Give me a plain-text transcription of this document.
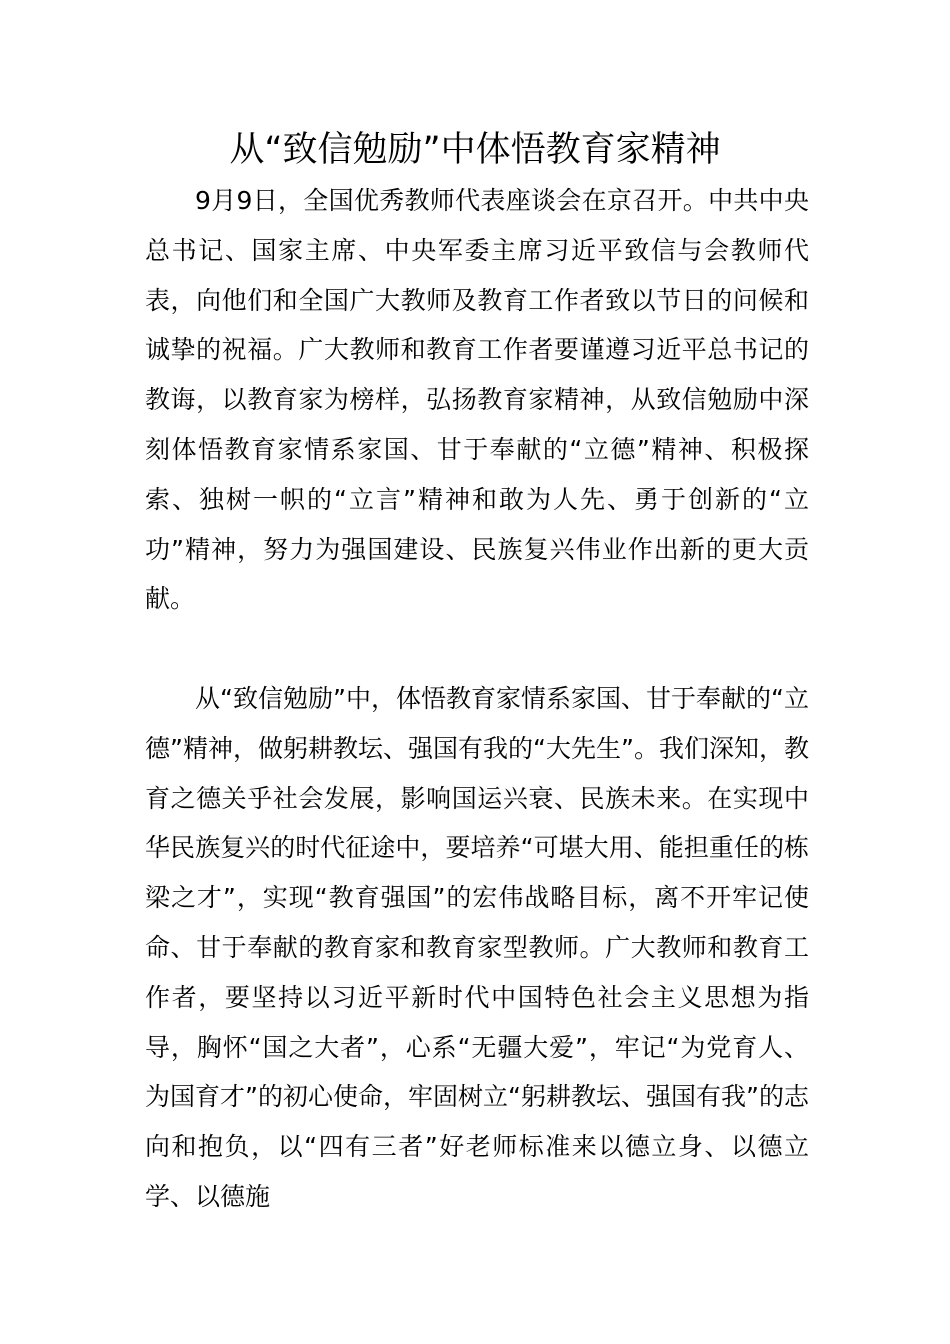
从“致信勉励”中体悟教育家精神

9月9日，全国优秀教师代表座谈会在京召开。中共中央总书记、国家主席、中央军委主席习近平致信与会教师代表，向他们和全国广大教师及教育工作者致以节日的问候和诚挚的祝福。广大教师和教育工作者要谨遵习近平总书记的教诲，以教育家为榜样，弘扬教育家精神，从致信勉励中深刻体悟教育家情系家国、甘于奉献的“立德”精神、积极探索、独树一帜的“立言”精神和敢为人先、勇于创新的“立功”精神，努力为强国建设、民族复兴伟业作出新的更大贡献。

从“致信勉励”中，体悟教育家情系家国、甘于奉献的“立德”精神，做躬耕教坛、强国有我的“大先生”。我们深知，教育之德关乎社会发展，影响国运兴衰、民族未来。在实现中华民族复兴的时代征途中，要培养“可堪大用、能担重任的栋梁之才”，实现“教育强国”的宏伟战略目标，离不开牢记使命、甘于奉献的教育家和教育家型教师。广大教师和教育工作者，要坚持以习近平新时代中国特色社会主义思想为指导，胸怀“国之大者”，心系“无疆大爱”，牢记“为党育人、为国育才”的初心使命，牢固树立“躬耕教坛、强国有我”的志向和抱负，以“四有三者”好老师标准来以德立身、以德立学、以德施
